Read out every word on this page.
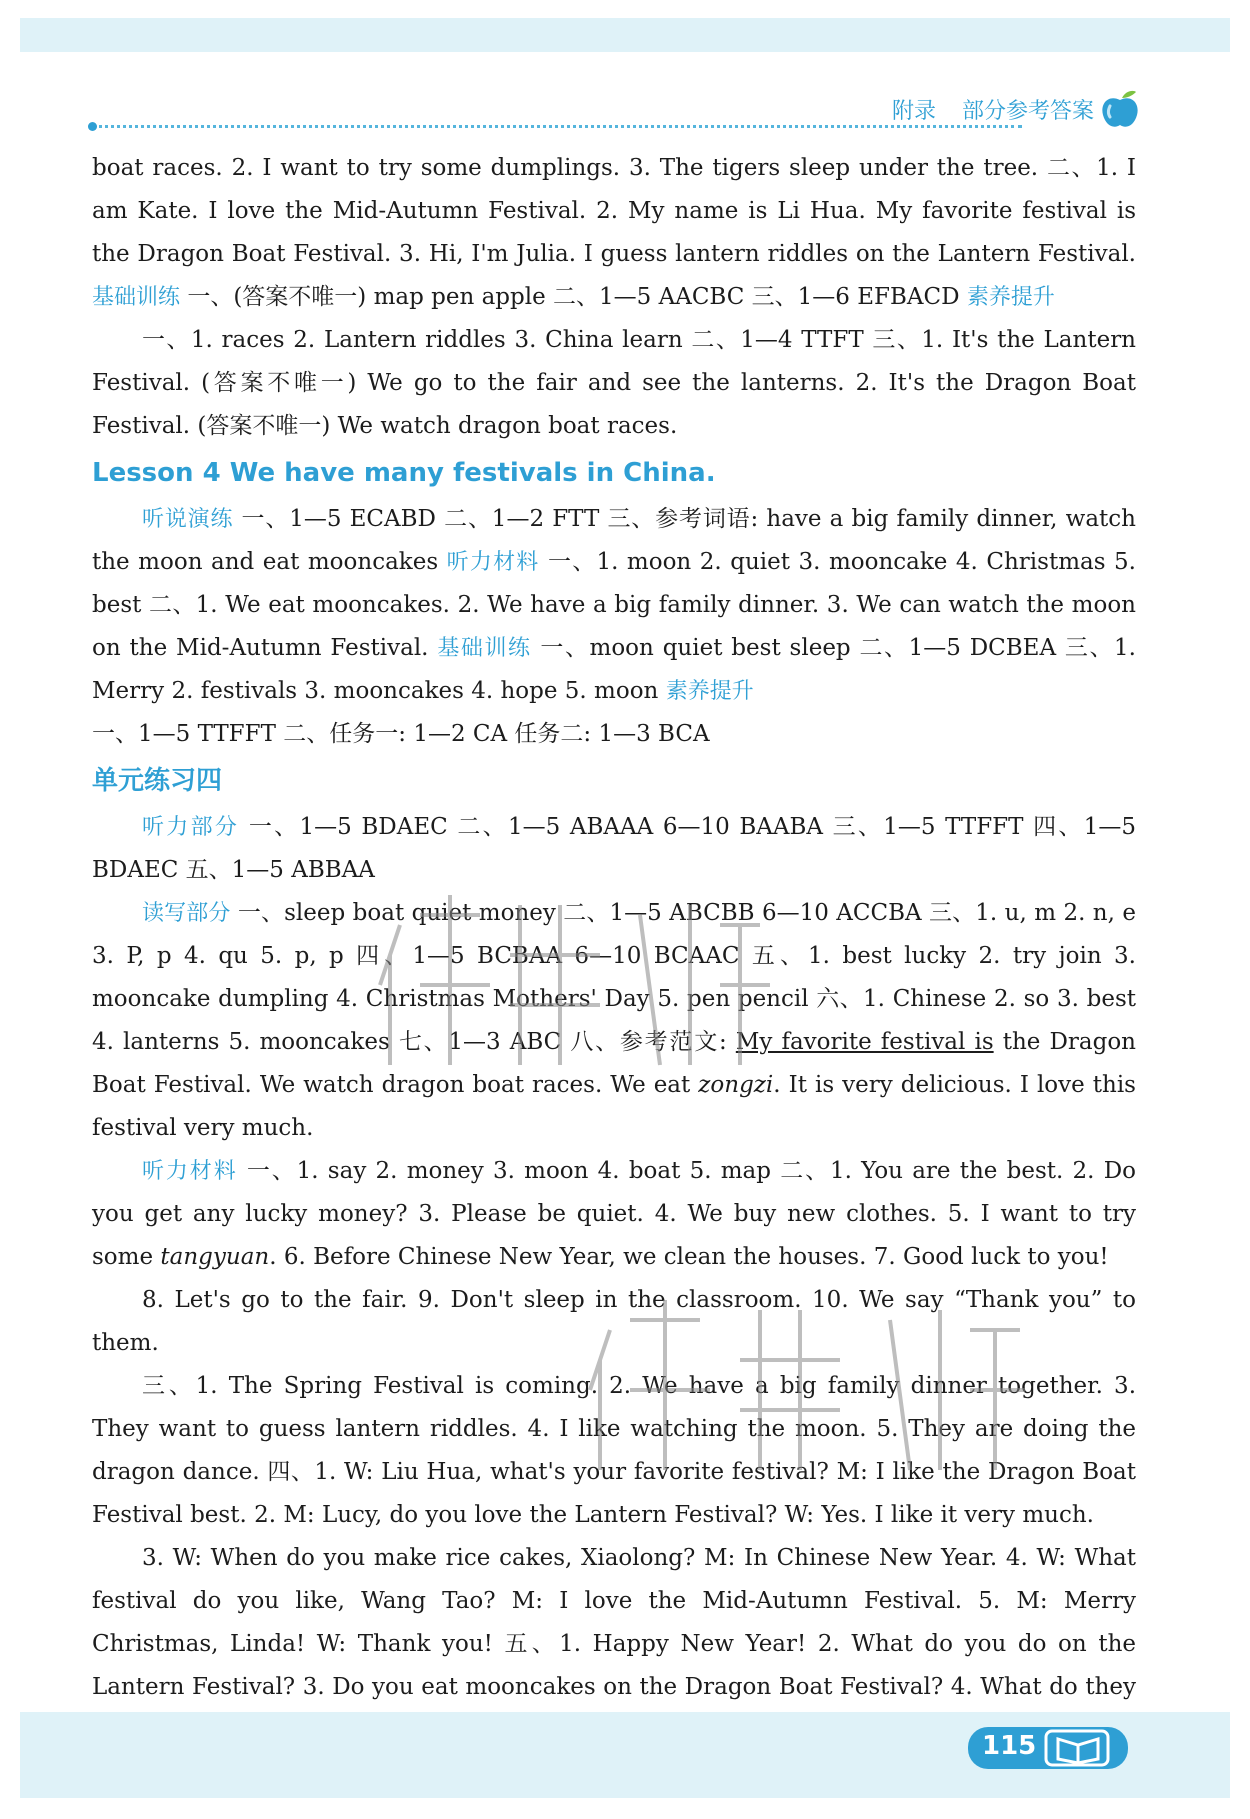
附录 部分参考答案

boat races. 2. I want to try some dumplings. 3. The tigers sleep under the tree. 二、1. I am Kate. I love the Mid-Autumn Festival. 2. My name is Li Hua. My favorite festival is the Dragon Boat Festival. 3. Hi, I'm Julia. I guess lantern riddles on the Lantern Festival. 基础训练 一、(答案不唯一) map pen apple 二、1—5 AACBC 三、1—6 EFBACD 素养提升

一、1. races 2. Lantern riddles 3. China learn 二、1—4 TTFT 三、1. It's the Lantern Festival. (答案不唯一) We go to the fair and see the lanterns. 2. It's the Dragon Boat Festival. (答案不唯一) We watch dragon boat races.

Lesson 4 We have many festivals in China.

听说演练 一、1—5 ECABD 二、1—2 FTT 三、参考词语: have a big family dinner, watch the moon and eat mooncakes 听力材料 一、1. moon 2. quiet 3. mooncake 4. Christmas 5. best 二、1. We eat mooncakes. 2. We have a big family dinner. 3. We can watch the moon on the Mid-Autumn Festival. 基础训练 一、moon quiet best sleep 二、1—5 DCBEA 三、1. Merry 2. festivals 3. mooncakes 4. hope 5. moon 素养提升

一、1—5 TTFFT 二、任务一: 1—2 CA 任务二: 1—3 BCA

单元练习四

听力部分 一、1—5 BDAEC 二、1—5 ABAAA 6—10 BAABA 三、1—5 TTFFT 四、1—5 BDAEC 五、1—5 ABBAA

读写部分 一、sleep boat quiet money 二、1—5 ABCBB 6—10 ACCBA 三、1. u, m 2. n, e 3. P, p 4. qu 5. p, p 四、1—5 BCBAA 6—10 BCAAC 五、1. best lucky 2. try join 3. mooncake dumpling 4. Christmas Mothers' Day 5. pen pencil 六、1. Chinese 2. so 3. best 4. lanterns 5. mooncakes 七、1—3 ABC 八、参考范文: My favorite festival is the Dragon Boat Festival. We watch dragon boat races. We eat zongzi. It is very delicious. I love this festival very much.

听力材料 一、1. say 2. money 3. moon 4. boat 5. map 二、1. You are the best. 2. Do you get any lucky money? 3. Please be quiet. 4. We buy new clothes. 5. I want to try some tangyuan. 6. Before Chinese New Year, we clean the houses. 7. Good luck to you!

8. Let's go to the fair. 9. Don't sleep in the classroom. 10. We say “Thank you” to them.

三、1. The Spring Festival is coming. 2. We have a big family dinner together. 3. They want to guess lantern riddles. 4. I like watching the moon. 5. They are doing the dragon dance. 四、1. W: Liu Hua, what's your favorite festival? M: I like the Dragon Boat Festival best. 2. M: Lucy, do you love the Lantern Festival? W: Yes. I like it very much.

3. W: When do you make rice cakes, Xiaolong? M: In Chinese New Year. 4. W: What festival do you like, Wang Tao? M: I love the Mid-Autumn Festival. 5. M: Merry Christmas, Linda! W: Thank you! 五、1. Happy New Year! 2. What do you do on the Lantern Festival? 3. Do you eat mooncakes on the Dragon Boat Festival? 4. What do they

115
